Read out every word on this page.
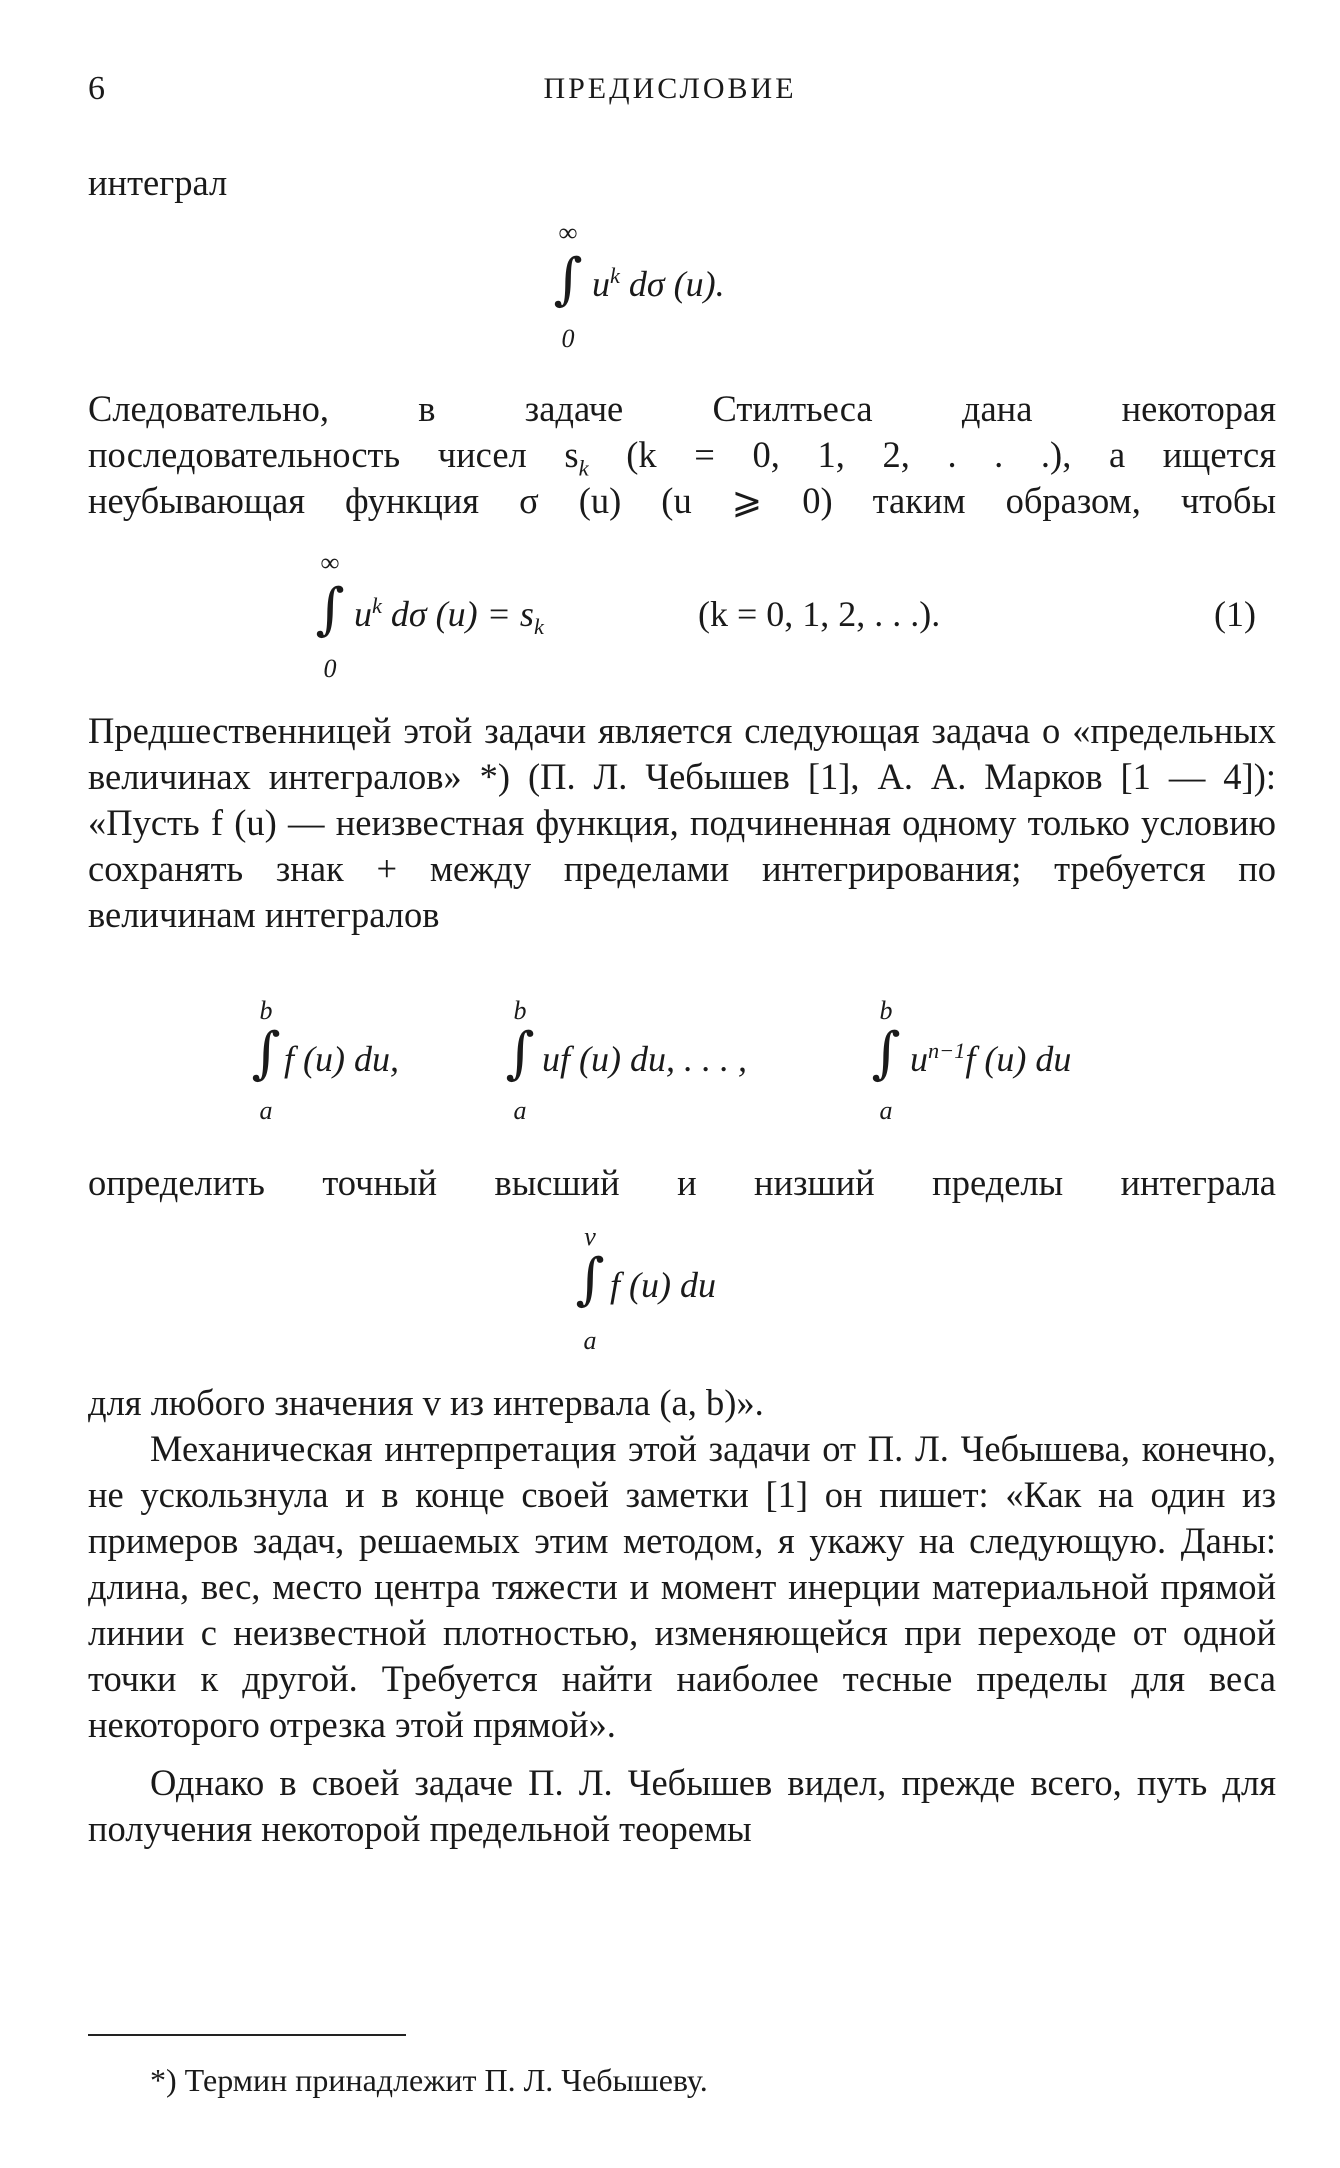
6	ПРЕДИСЛОВИЕ

интеграл

∞
∫
0
$u^k$ dσ (u).

Следовательно, в задаче Стилтьеса дана некоторая

последовательность чисел $s_k$ (k = 0, 1, 2, . . .), а ищется

неубывающая функция σ (u) (u ⩾ 0) таким образом, чтобы

∞
∫
0
$u^k$ dσ $(u) = s_k$	(k = 0, 1, 2, . . .).	(1)

Предшественницей этой задачи является следующая задача о «предельных величинах интегралов» *) (П. Л. Чебышев [1], А. А. Марков [1 — 4]): «Пусть f (u) — неизвестная функция, подчиненная одному только условию сохранять знак + между пределами интегрирования; требуется по величинам интегралов

b
∫
a
f (u) du,
b
∫
a
uf (u) du, . . . ,
b
∫
a
$u^{n-1}f$ (u) du

определить точный высший и низший пределы интеграла

v
∫
a
f (u) du

для любого значения v из интервала (a, b)».

Механическая интерпретация этой задачи от П. Л. Чебышева, конечно, не ускользнула и в конце своей заметки [1] он пишет: «Как на один из примеров задач, решаемых этим методом, я укажу на следующую. Даны: длина, вес, место центра тяжести и момент инерции материальной прямой линии с неизвестной плотностью, изменяющейся при переходе от одной точки к другой. Требуется найти наиболее тесные пределы для веса некоторого отрезка этой прямой».

Однако в своей задаче П. Л. Чебышев видел, прежде всего, путь для получения некоторой предельной теоремы

*) Термин принадлежит П. Л. Чебышеву.
